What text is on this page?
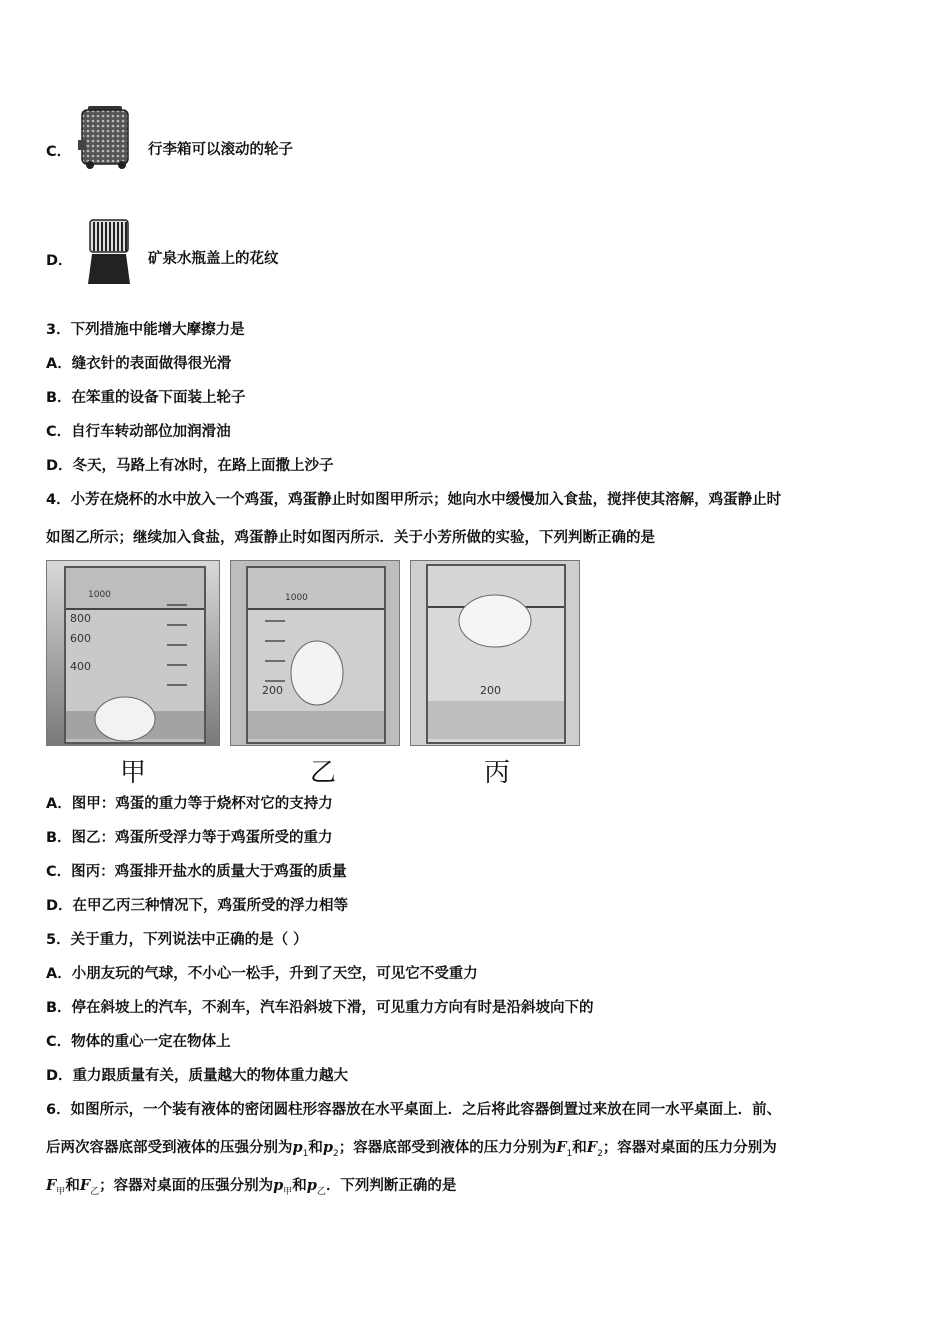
C．	行李箱可以滚动的轮子
D．	矿泉水瓶盖上的花纹
3．下列措施中能增大摩擦力是
A．缝衣针的表面做得很光滑
B．在笨重的设备下面装上轮子
C．自行车转动部位加润滑油
D．冬天，马路上有冰时，在路上面撒上沙子
4．小芳在烧杯的水中放入一个鸡蛋，鸡蛋静止时如图甲所示；她向水中缓慢加入食盐，搅拌使其溶解，鸡蛋静止时
如图乙所示；继续加入食盐，鸡蛋静止时如图丙所示．关于小芳所做的实验，下列判断正确的是
1000
800
600
400
1000
200	200
甲	乙	丙
A．图甲：鸡蛋的重力等于烧杯对它的支持力
B．图乙：鸡蛋所受浮力等于鸡蛋所受的重力
C．图丙：鸡蛋排开盐水的质量大于鸡蛋的质量
D．在甲乙丙三种情况下，鸡蛋所受的浮力相等
5．关于重力，下列说法中正确的是（ ）
A．小朋友玩的气球，不小心一松手，升到了天空，可见它不受重力
B．停在斜坡上的汽车，不刹车，汽车沿斜坡下滑，可见重力方向有时是沿斜坡向下的
C．物体的重心一定在物体上
D．重力跟质量有关，质量越大的物体重力越大
6．如图所示，一个装有液体的密闭圆柱形容器放在水平桌面上．之后将此容器倒置过来放在同一水平桌面上．前、
后两次容器底部受到液体的压强分别为$p_1$和$p_2$；容器底部受到液体的压力分别为$F_1$和$F_2$；容器对桌面的压力分别为
$F_甲$和$F_乙$；容器对桌面的压强分别为$p_甲$和$p_乙$．下列判断正确的是
